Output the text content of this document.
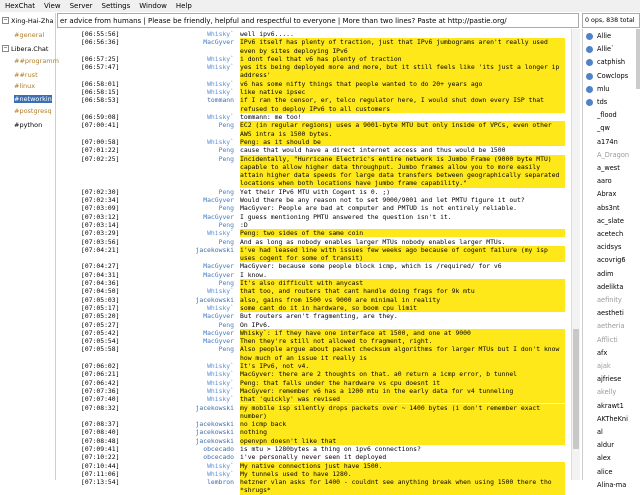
HexChat View Server Settings Window Help
− Xing-Hai-Zha
#general
− Libera.Chat
##programm
##rust
#linux
#networkin
#postgresq
#python
er advice from humans | Please be friendly, helpful and respectful to everyone | More than two lines? Paste at http://pastie.org/	0 ops, 838 total
[06:55:56]	Whisky` well ipv6.....
[06:56:36]	MacGyver IPv6 itself has plenty of traction, just that IPv6 jumbograms aren't really used even by sites deploying IPv6
[06:57:25]	Whisky` i dont feel that v6 has plenty of traction
[06:57:47]	Whisky` yes its being deployed more and more, but it still feels like 'its just a longer ip address'
[06:58:01]	Whisky` v6 has some nifty things that people wanted to do 20+ years ago
[06:58:15]	Whisky` like native ipsec
[06:58:53]	tommann if I ran the censor, er, telco regulator here, I would shut down every ISP that refused to deploy IPv6 to all customers
[06:59:08]	Whisky` tommann: me too!
[07:00:41]	Peng EC2 (in regular regions) uses a 9001-byte MTU but only inside of VPCs, even other AWS intra is 1500 bytes.
[07:00:58]	Whisky` Peng: as it should be
[07:01:22]	Peng cause that would have a direct internet access and thus would be 1500
[07:02:25]	Peng Incidentally, "Hurricane Electric's entire network is Jumbo Frame (9000 byte MTU) capable to allow higher data throughput. Jumbo frames allow you to more easily attain higher data speeds for large data transfers between geographically separated locations when both locations have jumbo frame capability."
[07:02:30]	Peng Yet their IPv6 MTU with Cogent is 0. ;)
[07:02:34]	MacGyver Would there be any reason not to set 9000/9001 and let PMTU figure it out?
[07:03:09]	Peng MacGyver: People are bad at computer and PMTUD is not entirely reliable.
[07:03:12]	MacGyver I guess mentioning PMTU answered the question isn't it.
[07:03:14]	Peng :D
[07:03:29]	Whisky` Peng: two sides of the same coin
[07:03:56]	Peng And as long as nobody enables larger MTUs nobody enables larger MTUs.
[07:04:21]	jacekowski i've had leased line with issues few weeks ago because of cogent failure (my isp uses cogent for some of transit)
[07:04:27]	MacGyver MacGyver: because some people block icmp, which is /required/ for v6
[07:04:31]	MacGyver I know.
[07:04:36]	Peng It's also difficult with anycast
[07:04:50]	Whisky` that too, and routers that cant handle doing frags for 9k mtu
[07:05:03]	jacekowski also, gains from 1500 vs 9000 are minimal in reality
[07:05:17]	Whisky` some cant do it in hardware, so boom cpu limit
[07:05:20]	MacGyver But routers aren't fragmenting, are they.
[07:05:27]	Peng On IPv6.
[07:05:42]	MacGyver Whisky`: if they have one interface at 1500, and one at 9000
[07:05:54]	MacGyver Then they're still not allowed to fragment, right.
[07:05:58]	Peng Also people argue about packet checksum algorithms for larger MTUs but I don't know how much of an issue it really is
[07:06:02]	Whisky` It's IPv6, not v4.
[07:06:21]	Whisky` MacGyver: there are 2 thoughts on that. a0 return a icmp error, b tunnel
[07:06:42]	Whisky` Peng: that falls under the hardware vs cpu doesnt it
[07:07:36]	Whisky` MacGyver: remember v6 has a 1200 mtu in the early data for v4 tunneling
[07:07:40]	Whisky` that 'quickly' was revised
[07:08:32]	jacekowski my mobile isp silently drops packets over ~ 1400 bytes (i don't remember exact number)
[07:08:37]	jacekowski no icmp back
[07:08:40]	jacekowski nothing
[07:08:48]	jacekowski openvpn doesn't like that
[07:09:41]	obcecado is mtu > 1280bytes a thing on ipv6 connections?
[07:10:22]	obcecado i've personally never seen it deployed
[07:10:44]	Whisky` My native connections just have 1500.
[07:11:06]	Whisky` My tunnels used to have 1280.
[07:13:54]	lembron hetzner vlan asks for 1400 - couldnt see anything break when using 1500 there tho *shrugs*
Allie
Allie`
catphish
Cowclops
mlu
tds
_flood
_qw
a174n
A_Dragon
a_west
aaro
Abrax
abs3nt
ac_slate
acetech
acidsys
acovrig6
adim
adelikta
aefinity
aestheti
aetheria
Afflicti
afx
ajak
ajfriese
akelly
akrawt1
AKTheKni
al
aldur
alex
alice
Alina-ma
